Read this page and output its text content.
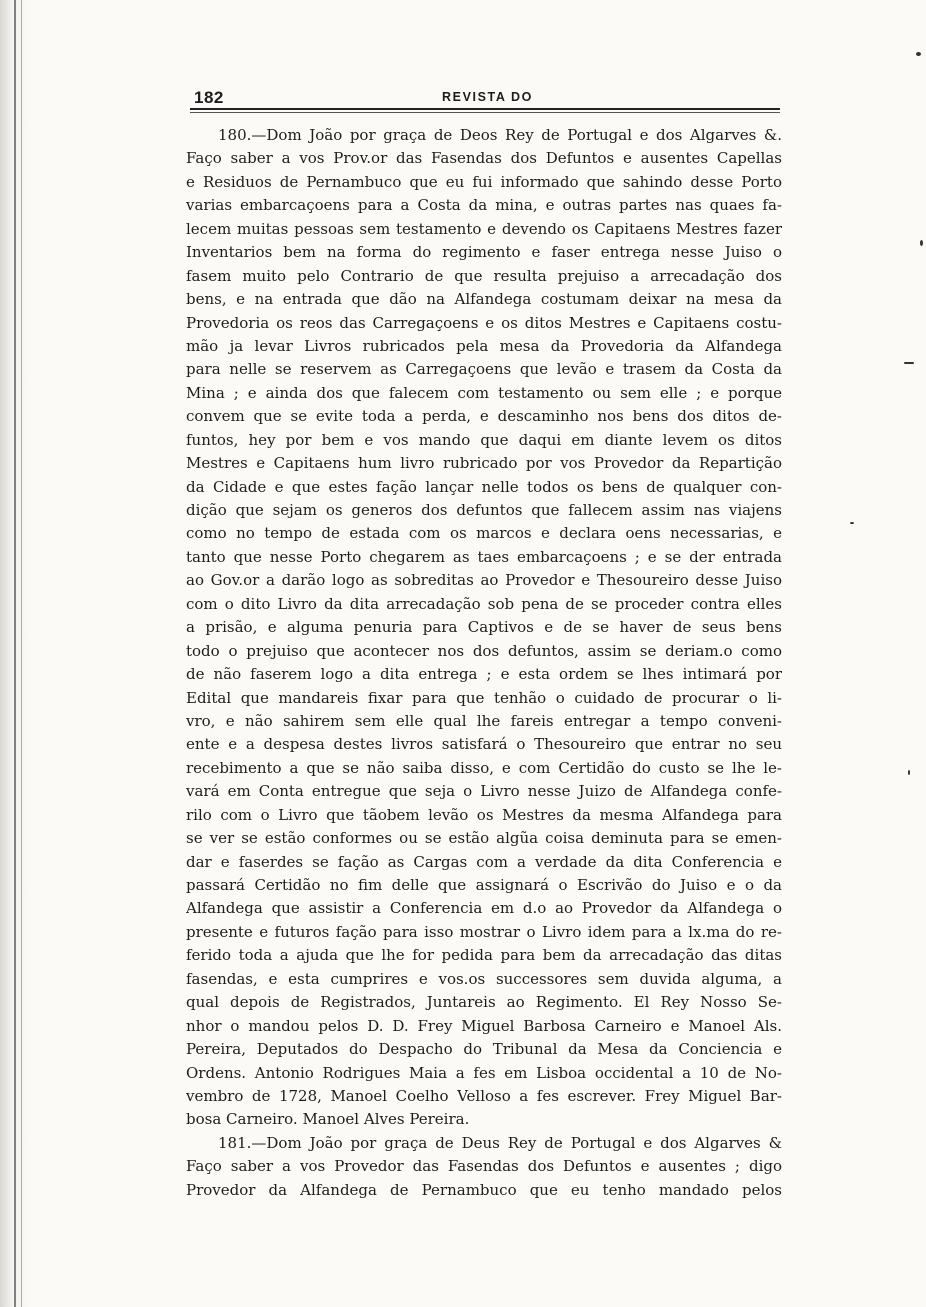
182	REVISTA DO
180.—Dom João por graça de Deos Rey de Portugal e dos Algarves &.
Faço saber a vos Prov.or das Fasendas dos Defuntos e ausentes Capellas
e Residuos de Pernambuco que eu fui informado que sahindo desse Porto
varias embarcaçoens para a Costa da mina, e outras partes nas quaes fa-
lecem muitas pessoas sem testamento e devendo os Capitaens Mestres fazer
Inventarios bem na forma do regimento e faser entrega nesse Juiso o
fasem muito pelo Contrario de que resulta prejuiso a arrecadação dos
bens, e na entrada que dão na Alfandega costumam deixar na mesa da
Provedoria os reos das Carregaçoens e os ditos Mestres e Capitaens costu-
mão ja levar Livros rubricados pela mesa da Provedoria da Alfandega
para nelle se reservem as Carregaçoens que levão e trasem da Costa da
Mina ; e ainda dos que falecem com testamento ou sem elle ; e porque
convem que se evite toda a perda, e descaminho nos bens dos ditos de-
funtos, hey por bem e vos mando que daqui em diante levem os ditos
Mestres e Capitaens hum livro rubricado por vos Provedor da Repartição
da Cidade e que estes fação lançar nelle todos os bens de qualquer con-
dição que sejam os generos dos defuntos que fallecem assim nas viajens
como no tempo de estada com os marcos e declara oens necessarias, e
tanto que nesse Porto chegarem as taes embarcaçoens ; e se der entrada
ao Gov.or a darão logo as sobreditas ao Provedor e Thesoureiro desse Juiso
com o dito Livro da dita arrecadação sob pena de se proceder contra elles
a prisão, e alguma penuria para Captivos e de se haver de seus bens
todo o prejuiso que acontecer nos dos defuntos, assim se deriam.o como
de não faserem logo a dita entrega ; e esta ordem se lhes intimará por
Edital que mandareis fixar para que tenhão o cuidado de procurar o li-
vro, e não sahirem sem elle qual lhe fareis entregar a tempo conveni-
ente e a despesa destes livros satisfará o Thesoureiro que entrar no seu
recebimento a que se não saiba disso, e com Certidão do custo se lhe le-
vará em Conta entregue que seja o Livro nesse Juizo de Alfandega confe-
rilo com o Livro que tãobem levão os Mestres da mesma Alfandega para
se ver se estão conformes ou se estão algũa coisa deminuta para se emen-
dar e faserdes se fação as Cargas com a verdade da dita Conferencia e
passará Certidão no fim delle que assignará o Escrivão do Juiso e o da
Alfandega que assistir a Conferencia em d.o ao Provedor da Alfandega o
presente e futuros fação para isso mostrar o Livro idem para a lx.ma do re-
ferido toda a ajuda que lhe for pedida para bem da arrecadação das ditas
fasendas, e esta cumprires e vos.os successores sem duvida alguma, a
qual depois de Registrados, Juntareis ao Regimento. El Rey Nosso Se-
nhor o mandou pelos D. D. Frey Miguel Barbosa Carneiro e Manoel Als.
Pereira, Deputados do Despacho do Tribunal da Mesa da Conciencia e
Ordens. Antonio Rodrigues Maia a fes em Lisboa occidental a 10 de No-
vembro de 1728, Manoel Coelho Velloso a fes escrever. Frey Miguel Bar-
bosa Carneiro. Manoel Alves Pereira.
181.—Dom João por graça de Deus Rey de Portugal e dos Algarves &
Faço saber a vos Provedor das Fasendas dos Defuntos e ausentes ; digo
Provedor da Alfandega de Pernambuco que eu tenho mandado pelos
